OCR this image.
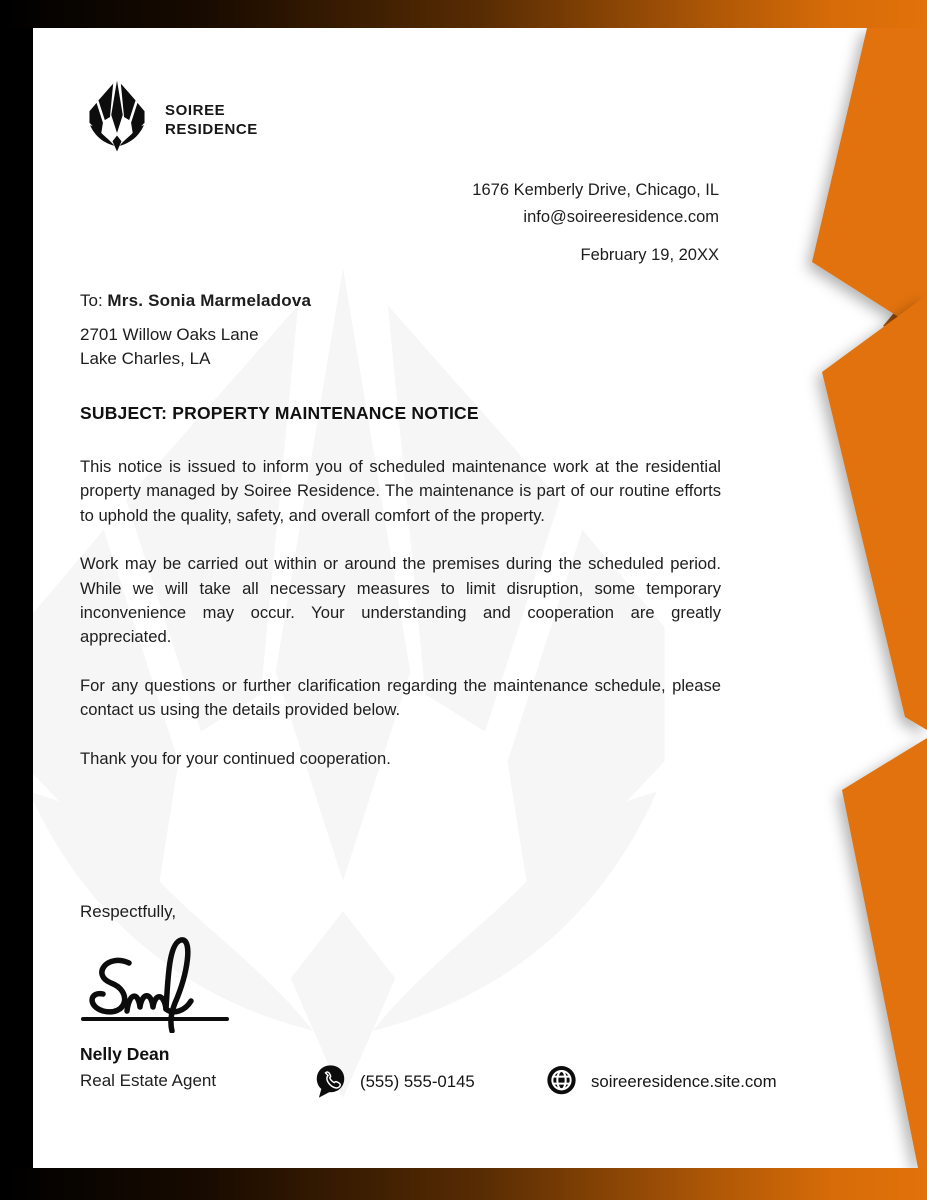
SOIREE
RESIDENCE
1676 Kemberly Drive, Chicago, IL
info@soireeresidence.com
February 19, 20XX
To: Mrs. Sonia Marmeladova
2701 Willow Oaks Lane
Lake Charles, LA
SUBJECT: PROPERTY MAINTENANCE NOTICE

This notice is issued to inform you of scheduled maintenance work at the residential property managed by Soiree Residence. The maintenance is part of our routine efforts to uphold the quality, safety, and overall comfort of the property.

Work may be carried out within or around the premises during the scheduled period. While we will take all necessary measures to limit disruption, some temporary inconvenience may occur. Your understanding and cooperation are greatly appreciated.

For any questions or further clarification regarding the maintenance schedule, please contact us using the details provided below.

Thank you for your continued cooperation.

Respectfully,
Nelly Dean
Real Estate Agent	(555) 555-0145	soireeresidence.site.com
